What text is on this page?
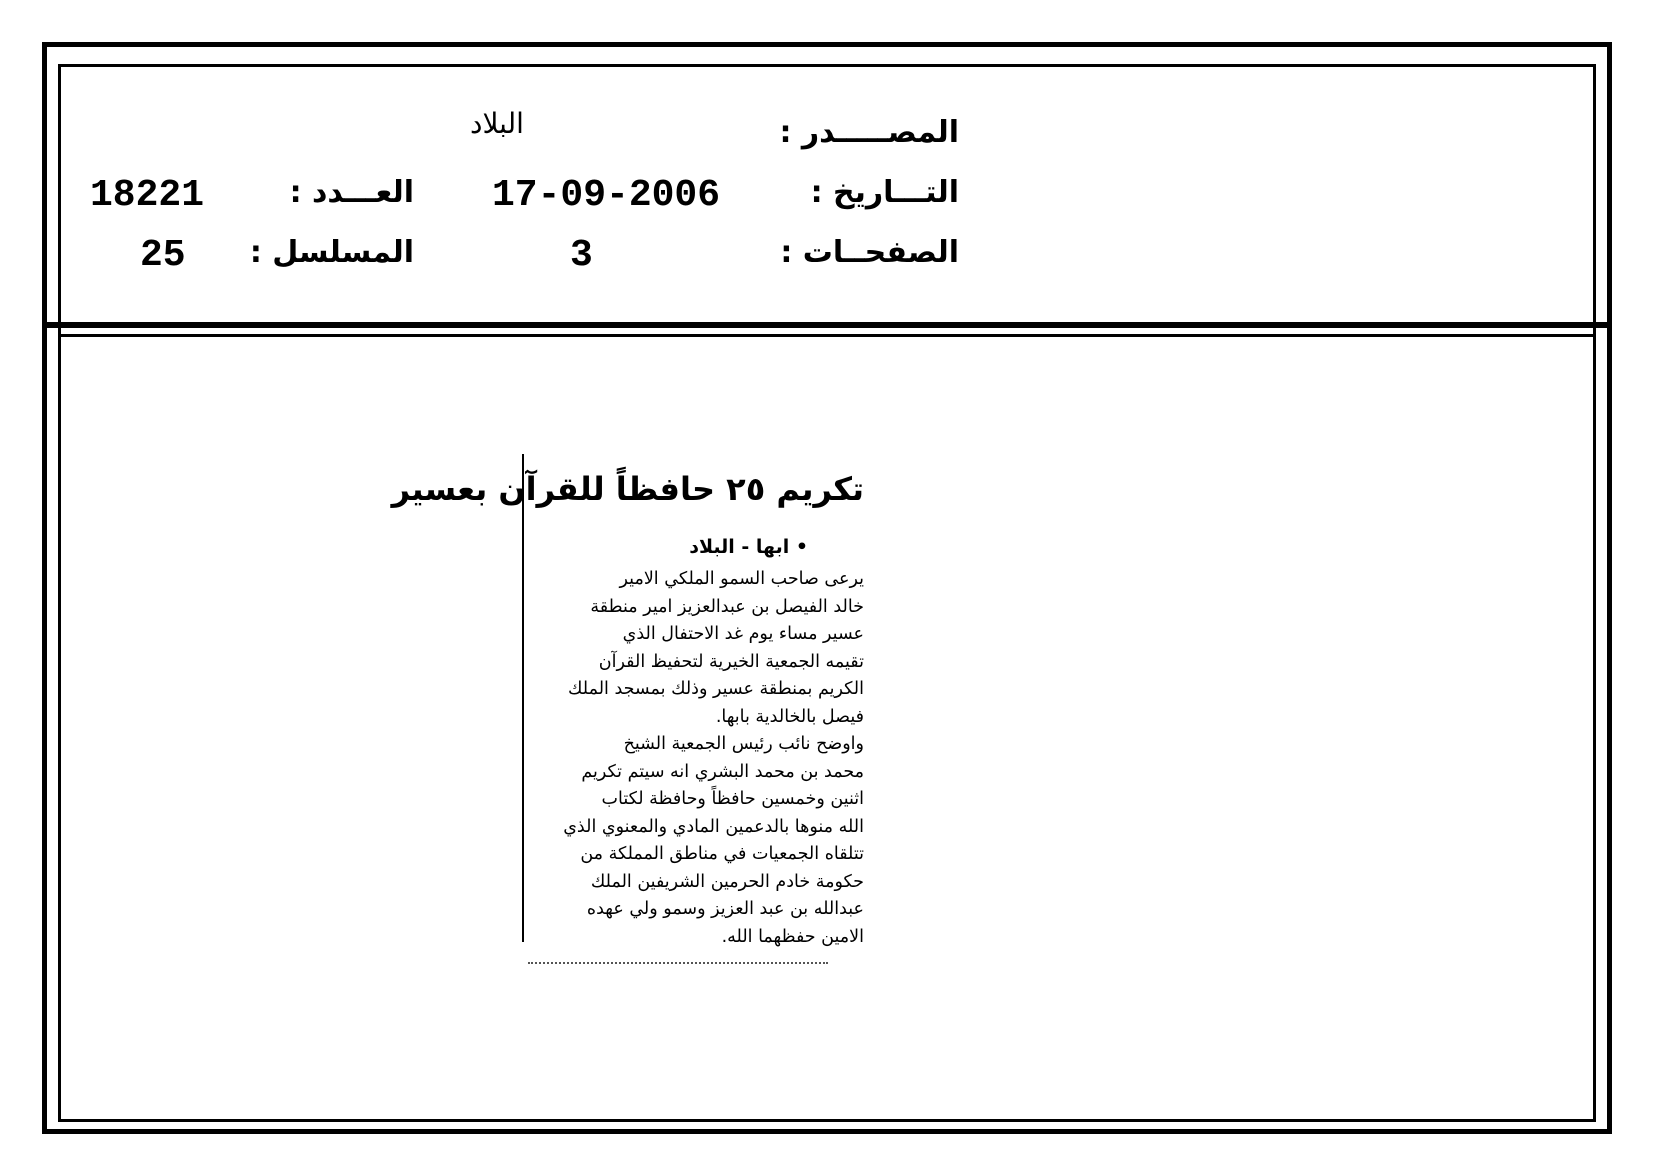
المصـــــدر :
البلاد
التـــاريخ :
17-09-2006
العـــدد :
18221
الصفحــات :
3
المسلسل :
25
تكريم ٢٥ حافظاً للقرآن بعسير
• ابها - البلاد
يرعى صاحب السمو الملكي الامير
خالد الفيصل بن عبدالعزيز امير منطقة
عسير مساء يوم غد الاحتفال الذي
تقيمه الجمعية الخيرية لتحفيظ القرآن
الكريم بمنطقة عسير وذلك بمسجد الملك
فيصل بالخالدية بابها.
واوضح نائب رئيس الجمعية الشيخ
محمد بن محمد البشري انه سيتم تكريم
اثنين وخمسين حافظاً وحافظة لكتاب
الله منوها بالدعمين المادي والمعنوي الذي
تتلقاه الجمعيات في مناطق المملكة من
حكومة خادم الحرمين الشريفين الملك
عبدالله بن عبد العزيز وسمو ولي عهده
الامين حفظهما الله.
